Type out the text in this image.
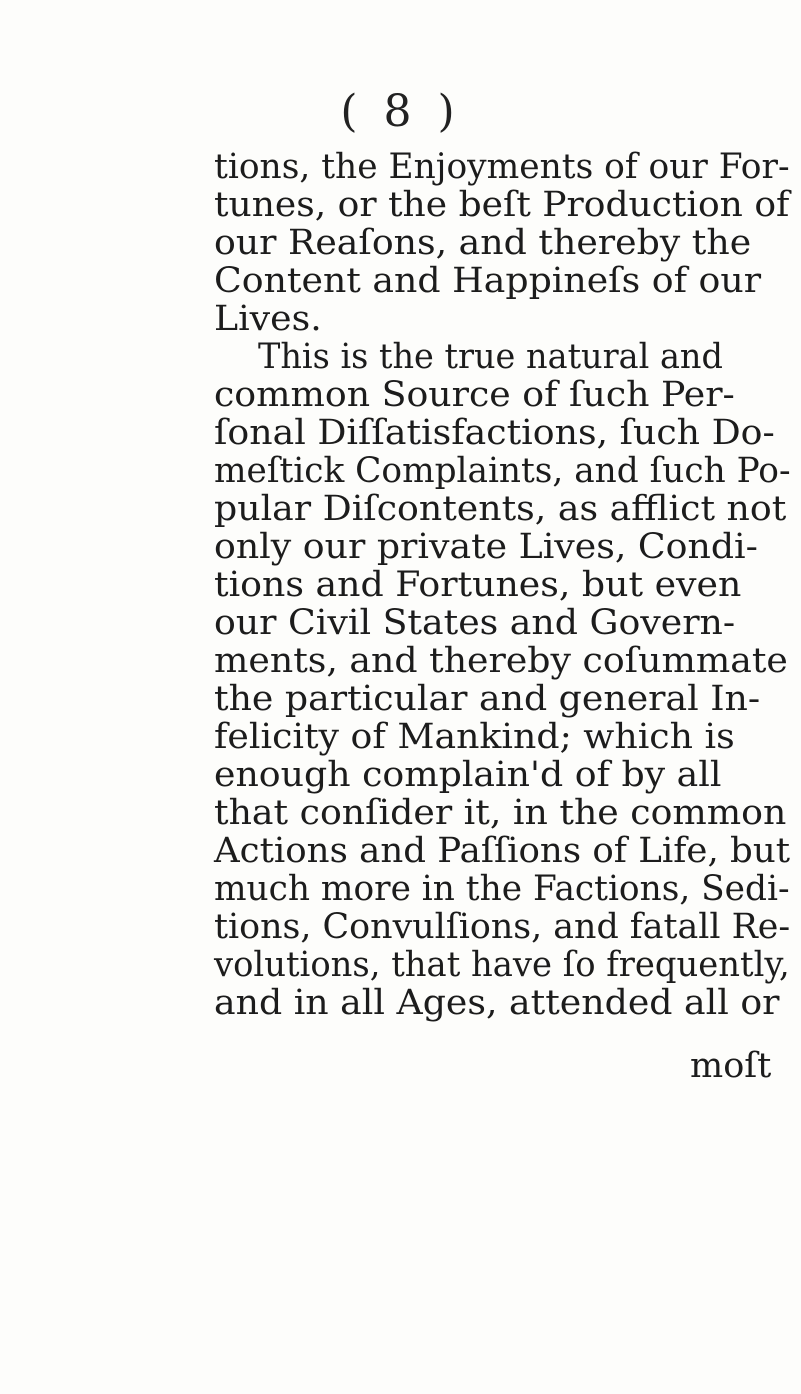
( 8 )
tions, the Enjoyments of our For-
tunes, or the beſt Production of
our Reaſons, and thereby the
Content and Happineſs of our
Lives.
This is the true natural and
common Source of ſuch Per-
ſonal Diſſatisfactions, ſuch Do-
meſtick Complaints, and ſuch Po-
pular Diſcontents, as afflict not
only our private Lives, Condi-
tions and Fortunes, but even
our Civil States and Govern-
ments, and thereby coſummate
the particular and general In-
felicity of Mankind; which is
enough complain'd of by all
that conſider it, in the common
Actions and Paſſions of Life, but
much more in the Factions, Sedi-
tions, Convulſions, and fatall Re-
volutions, that have ſo frequently,
and in all Ages, attended all or
moſt
